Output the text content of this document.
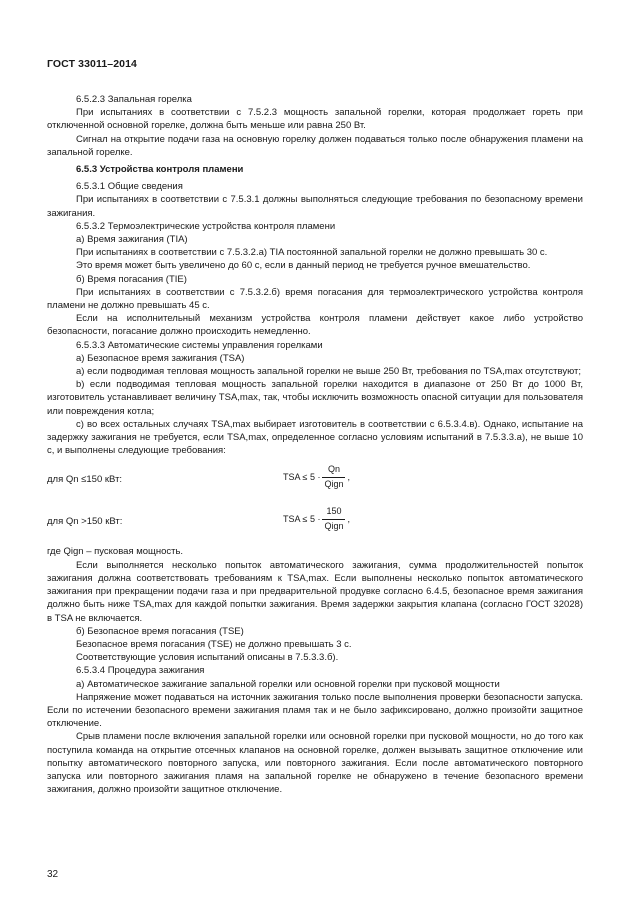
ГОСТ 33011–2014

6.5.2.3 Запальная горелка

При испытаниях в соответствии с 7.5.2.3 мощность запальной горелки, которая продолжает гореть при отключенной основной горелке, должна быть меньше или равна 250 Вт.

Сигнал на открытие подачи газа на основную горелку должен подаваться только после обнаружения пламени на запальной горелке.

6.5.3 Устройства контроля пламени

6.5.3.1 Общие сведения

При испытаниях в соответствии с 7.5.3.1 должны выполняться следующие требования по безопасному времени зажигания.

6.5.3.2 Термоэлектрические устройства контроля пламени

а) Время зажигания (TIA)

При испытаниях в соответствии с 7.5.3.2.а) TIA постоянной запальной горелки не должно превышать 30 с.

Это время может быть увеличено до 60 с, если в данный период не требуется ручное вмешательство.

б) Время погасания (TIE)

При испытаниях в соответствии с 7.5.3.2.б) время погасания для термоэлектрического устройства контроля пламени не должно превышать 45 с.

Если на исполнительный механизм устройства контроля пламени действует какое либо устройство безопасности, погасание должно происходить немедленно.

6.5.3.3 Автоматические системы управления горелками

а) Безопасное время зажигания (TSA)

а) если подводимая тепловая мощность запальной горелки не выше 250 Вт, требования по TSA,max отсутствуют;

b) если подводимая тепловая мощность запальной горелки находится в диапазоне от 250 Вт до 1000 Вт, изготовитель устанавливает величину TSA,max, так, чтобы исключить возможность опасной ситуации для пользователя или повреждения котла;

с) во всех остальных случаях TSA,max выбирает изготовитель в соответствии с 6.5.3.4.в). Однако, испытание на задержку зажигания не требуется, если TSA,max, определенное согласно условиям испытаний в 7.5.3.3.а), не выше 10 с, и выполнены следующие требования:

для Qn ≤150 кВт:	TSA ≤ $5 \cdot \frac{Qn}{\text{Qign}}$ ,
для Qn >150 кВт:	TSA ≤ $5 \cdot \frac{150}{\text{Qign}}$ ,

где Qign – пусковая мощность.

Если выполняется несколько попыток автоматического зажигания, сумма продолжительностей попыток зажигания должна соответствовать требованиям к TSA,max. Если выполнены несколько попыток автоматического зажигания при прекращении подачи газа и при предварительной продувке согласно 6.4.5, безопасное время зажигания должно быть ниже TSA,max для каждой попытки зажигания. Время задержки закрытия клапана (согласно ГОСТ 32028) в TSA не включается.

б) Безопасное время погасания (TSE)

Безопасное время погасания (TSE) не должно превышать 3 с.

Соответствующие условия испытаний описаны в 7.5.3.3.б).

6.5.3.4 Процедура зажигания

а) Автоматическое зажигание запальной горелки или основной горелки при пусковой мощности

Напряжение может подаваться на источник зажигания только после выполнения проверки безопасности запуска. Если по истечении безопасного времени зажигания пламя так и не было зафиксировано, должно произойти защитное отключение.

Срыв пламени после включения запальной горелки или основной горелки при пусковой мощности, но до того как поступила команда на открытие отсечных клапанов на основной горелке, должен вызывать защитное отключение или попытку автоматического повторного запуска, или повторного зажигания. Если после автоматического повторного запуска или повторного зажигания пламя на запальной горелке не обнаружено в течение безопасного времени зажигания, должно произойти защитное отключение.

32
